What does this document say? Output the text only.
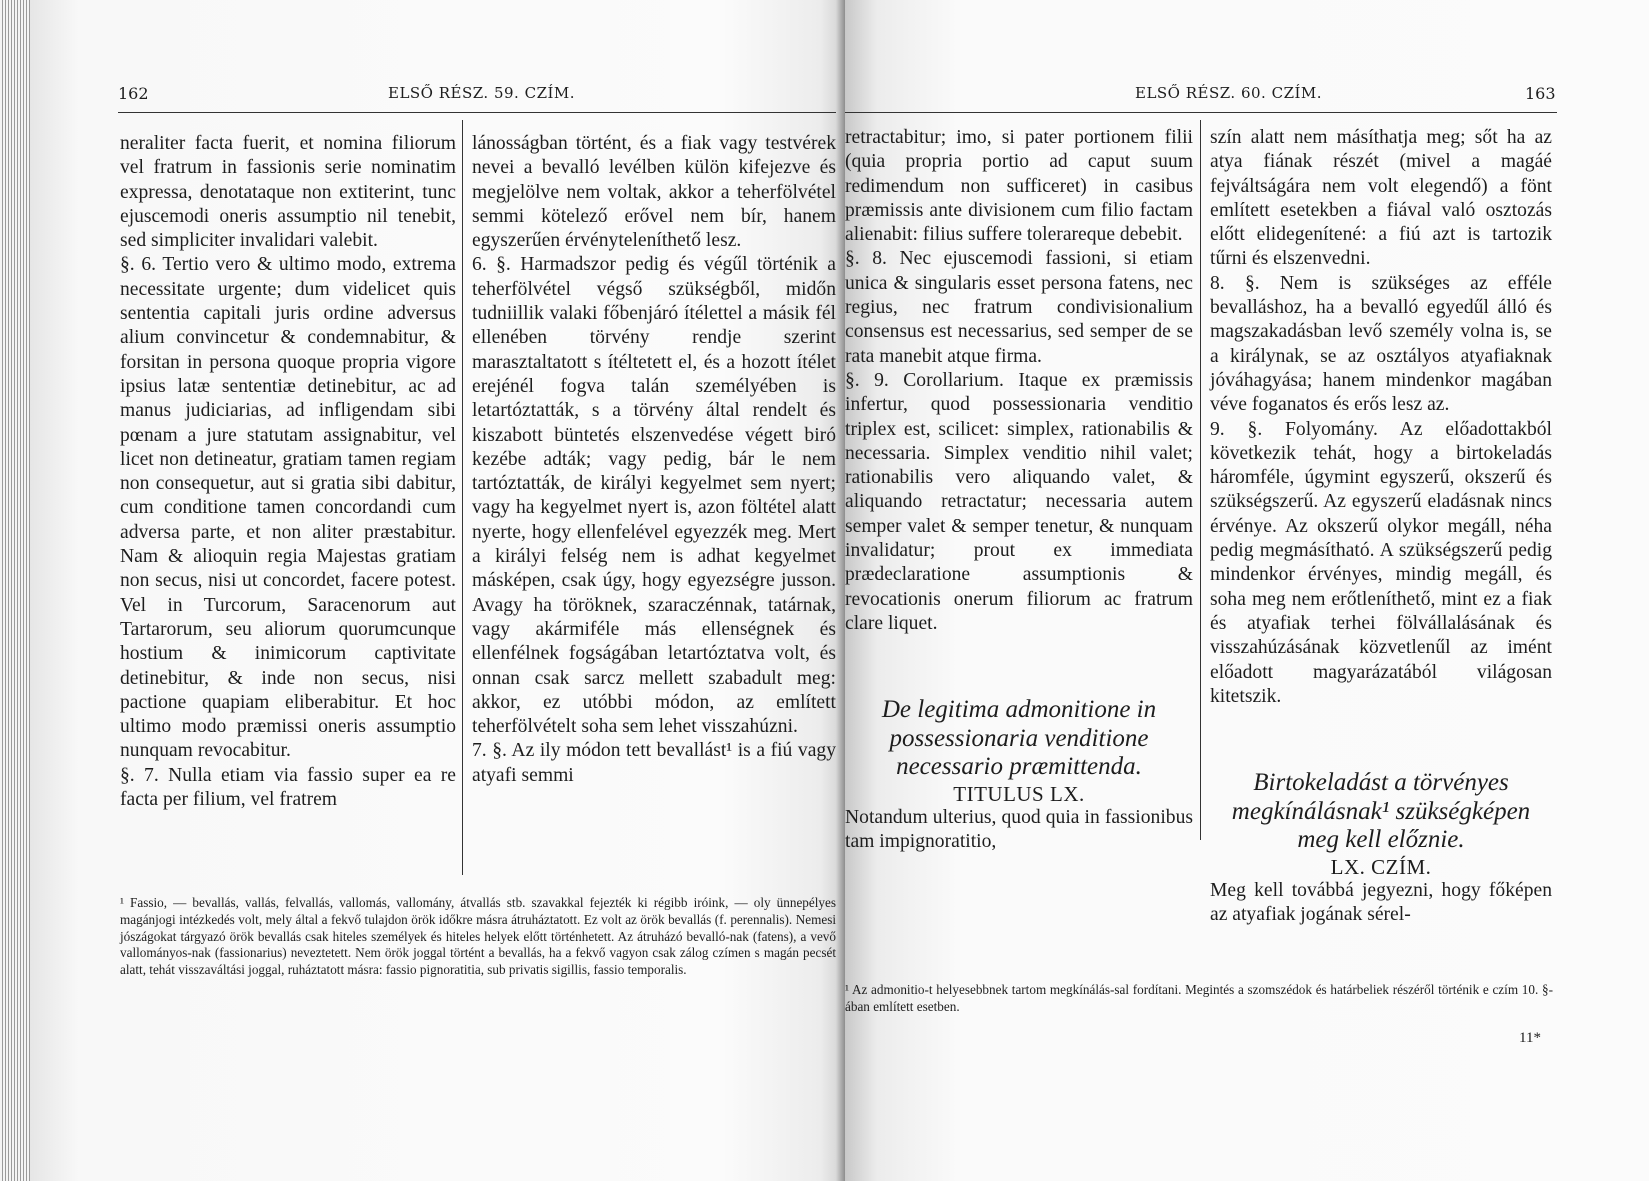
162	ELSŐ RÉSZ. 59. CZÍM.

neraliter facta fuerit, et nomina filiorum vel fratrum in fassionis serie nominatim expressa, denotataque non extiterint, tunc ejuscemodi oneris assumptio nil tenebit, sed simpliciter invalidari valebit.

§. 6. Tertio vero & ultimo modo, extrema necessitate urgente; dum videlicet quis sententia capitali juris ordine adversus alium convincetur & condemnabitur, & forsitan in persona quoque propria vigore ipsius latæ sententiæ detinebitur, ac ad manus judiciarias, ad infligendam sibi pœnam a jure statutam assignabitur, vel licet non detineatur, gratiam tamen regiam non consequetur, aut si gratia sibi dabitur, cum conditione tamen concordandi cum adversa parte, et non aliter præstabitur. Nam & alioquin regia Majestas gratiam non secus, nisi ut concordet, facere potest. Vel in Turcorum, Saracenorum aut Tartarorum, seu aliorum quorumcunque hostium & inimicorum captivitate detinebitur, & inde non secus, nisi pactione quapiam eliberabitur. Et hoc ultimo modo præmissi oneris assumptio nunquam revocabitur.

§. 7. Nulla etiam via fassio super ea re facta per filium, vel fratrem

lánosságban történt, és a fiak vagy testvérek nevei a bevalló levélben külön kifejezve és megjelölve nem voltak, akkor a teherfölvétel semmi kötelező erővel nem bír, hanem egyszerűen érvényteleníthető lesz.

6. §. Harmadszor pedig és végűl történik a teherfölvétel végső szükségből, midőn tudniillik valaki főbenjáró ítélettel a másik fél ellenében törvény rendje szerint marasztaltatott s ítéltetett el, és a hozott ítélet erejénél fogva talán személyében is letartóztatták, s a törvény által rendelt és kiszabott büntetés elszenvedése végett biró kezébe adták; vagy pedig, bár le nem tartóztatták, de királyi kegyelmet sem nyert; vagy ha kegyelmet nyert is, azon föltétel alatt nyerte, hogy ellenfelével egyezzék meg. Mert a királyi felség nem is adhat kegyelmet másképen, csak úgy, hogy egyezségre jusson. Avagy ha töröknek, szaraczénnak, tatárnak, vagy akármiféle más ellenségnek és ellenfélnek fogságában letartóztatva volt, és onnan csak sarcz mellett szabadult meg: akkor, ez utóbbi módon, az említett teherfölvételt soha sem lehet visszahúzni.

7. §. Az ily módon tett bevallást¹ is a fiú vagy atyafi semmi

¹ Fassio, — bevallás, vallás, felvallás, vallomás, vallomány, átvallás stb. szavakkal fejezték ki régibb iróink, — oly ünnepélyes magánjogi intézkedés volt, mely által a fekvő tulajdon örök időkre másra átruháztatott. Ez volt az örök bevallás (f. perennalis). Nemesi jószágokat tárgyazó örök bevallás csak hiteles személyek és hiteles helyek előtt történhetett. Az átruházó bevalló-nak (fatens), a vevő vallományos-nak (fassionarius) neveztetett. Nem örök joggal történt a bevallás, ha a fekvő vagyon csak zálog czímen s magán pecsét alatt, tehát visszaváltási joggal, ruháztatott másra: fassio pignoratitia, sub privatis sigillis, fassio temporalis.
ELSŐ RÉSZ. 60. CZÍM.	163

retractabitur; imo, si pater portionem filii (quia propria portio ad caput suum redimendum non sufficeret) in casibus præmissis ante divisionem cum filio factam alienabit: filius suffere tolerareque debebit.

§. 8. Nec ejuscemodi fassioni, si etiam unica & singularis esset persona fatens, nec regius, nec fratrum condivisionalium consensus est necessarius, sed semper de se rata manebit atque firma.

§. 9. Corollarium. Itaque ex præmissis infertur, quod possessionaria venditio triplex est, scilicet: simplex, rationabilis & necessaria. Simplex venditio nihil valet; rationabilis vero aliquando valet, & aliquando retractatur; necessaria autem semper valet & semper tenetur, & nunquam invalidatur; prout ex immediata prædeclaratione assumptionis & revocationis onerum filiorum ac fratrum clare liquet.

De legitima admonitione in possessionaria venditione necessario præmittenda.

TITULUS LX.

Notandum ulterius, quod quia in fassionibus tam impignoratitio,

szín alatt nem másíthatja meg; sőt ha az atya fiának részét (mivel a magáé fejváltságára nem volt elegendő) a fönt említett esetekben a fiával való osztozás előtt elidegenítené: a fiú azt is tartozik tűrni és elszenvedni.

8. §. Nem is szükséges az efféle bevalláshoz, ha a bevalló egyedűl álló és magszakadásban levő személy volna is, se a királynak, se az osztályos atyafiaknak jóváhagyása; hanem mindenkor magában véve foganatos és erős lesz az.

9. §. Folyomány. Az előadottakból következik tehát, hogy a birtokeladás háromféle, úgymint egyszerű, okszerű és szükségszerű. Az egyszerű eladásnak nincs érvénye. Az okszerű olykor megáll, néha pedig megmásítható. A szükségszerű pedig mindenkor érvényes, mindig megáll, és soha meg nem erőtleníthető, mint ez a fiak és atyafiak terhei fölvállalásának és visszahúzásának közvetlenűl az imént előadott magyarázatából világosan kitetszik.

Birtokeladást a törvényes megkínálásnak¹ szükségképen meg kell előznie.

LX. CZÍM.

Meg kell továbbá jegyezni, hogy főképen az atyafiak jogának sérel-

¹ Az admonitio-t helyesebbnek tartom megkínálás-sal fordítani. Megintés a szomszédok és határbeliek részéről történik e czím 10. §-ában említett esetben.
11*
